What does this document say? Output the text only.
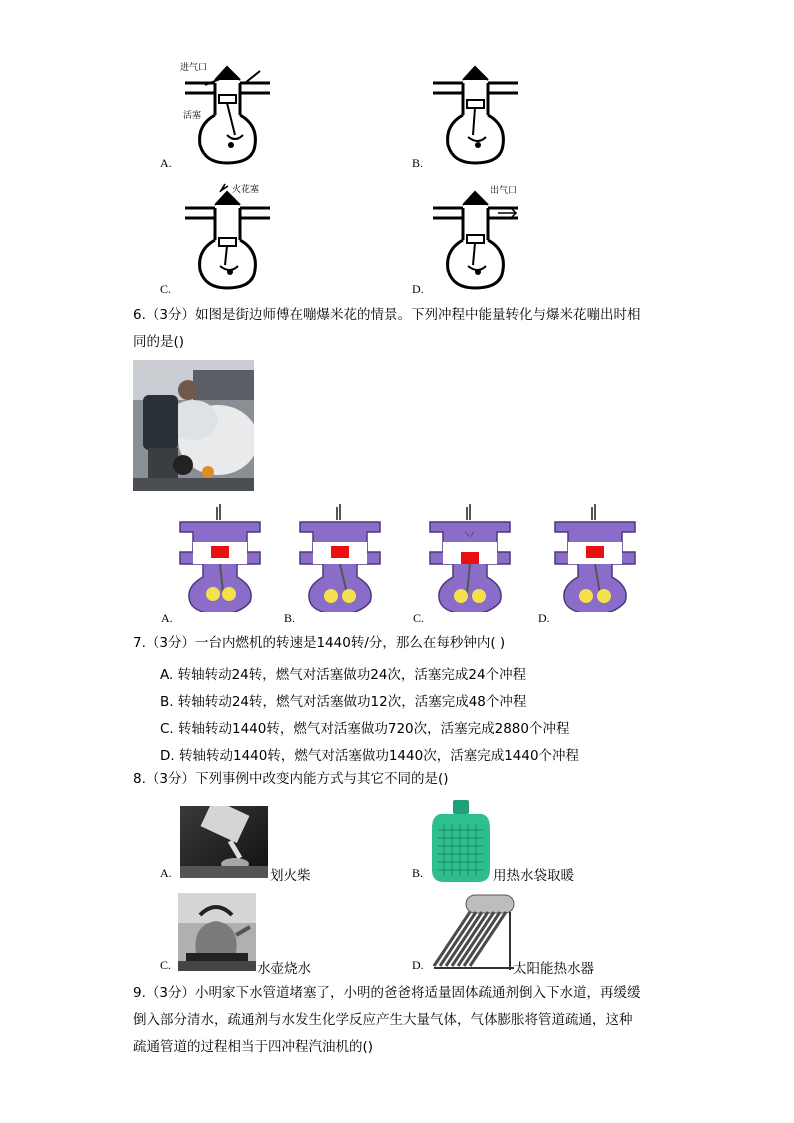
进气口
活塞
A.	B.
火花塞
C.
出气口
D.
6.（3分）如图是街边师傅在嘣爆米花的情景。下列冲程中能量转化与爆米花嘣出时相
同的是()
A.	B.	C.	D.
7.（3分）一台内燃机的转速是1440转/分，那么在每秒钟内( )
A. 转轴转动24转，燃气对活塞做功24次，活塞完成24个冲程
B. 转轴转动24转，燃气对活塞做功12次，活塞完成48个冲程
C. 转轴转动1440转，燃气对活塞做功720次，活塞完成2880个冲程
D. 转轴转动1440转，燃气对活塞做功1440次，活塞完成1440个冲程
8.（3分）下列事例中改变内能方式与其它不同的是()
A.	划火柴	B.	用热水袋取暖
C.	水壶烧水	D.	太阳能热水器
9.（3分）小明家下水管道堵塞了，小明的爸爸将适量固体疏通剂倒入下水道，再缓缓
倒入部分清水，疏通剂与水发生化学反应产生大量气体，气体膨胀将管道疏通，这种
疏通管道的过程相当于四冲程汽油机的()
